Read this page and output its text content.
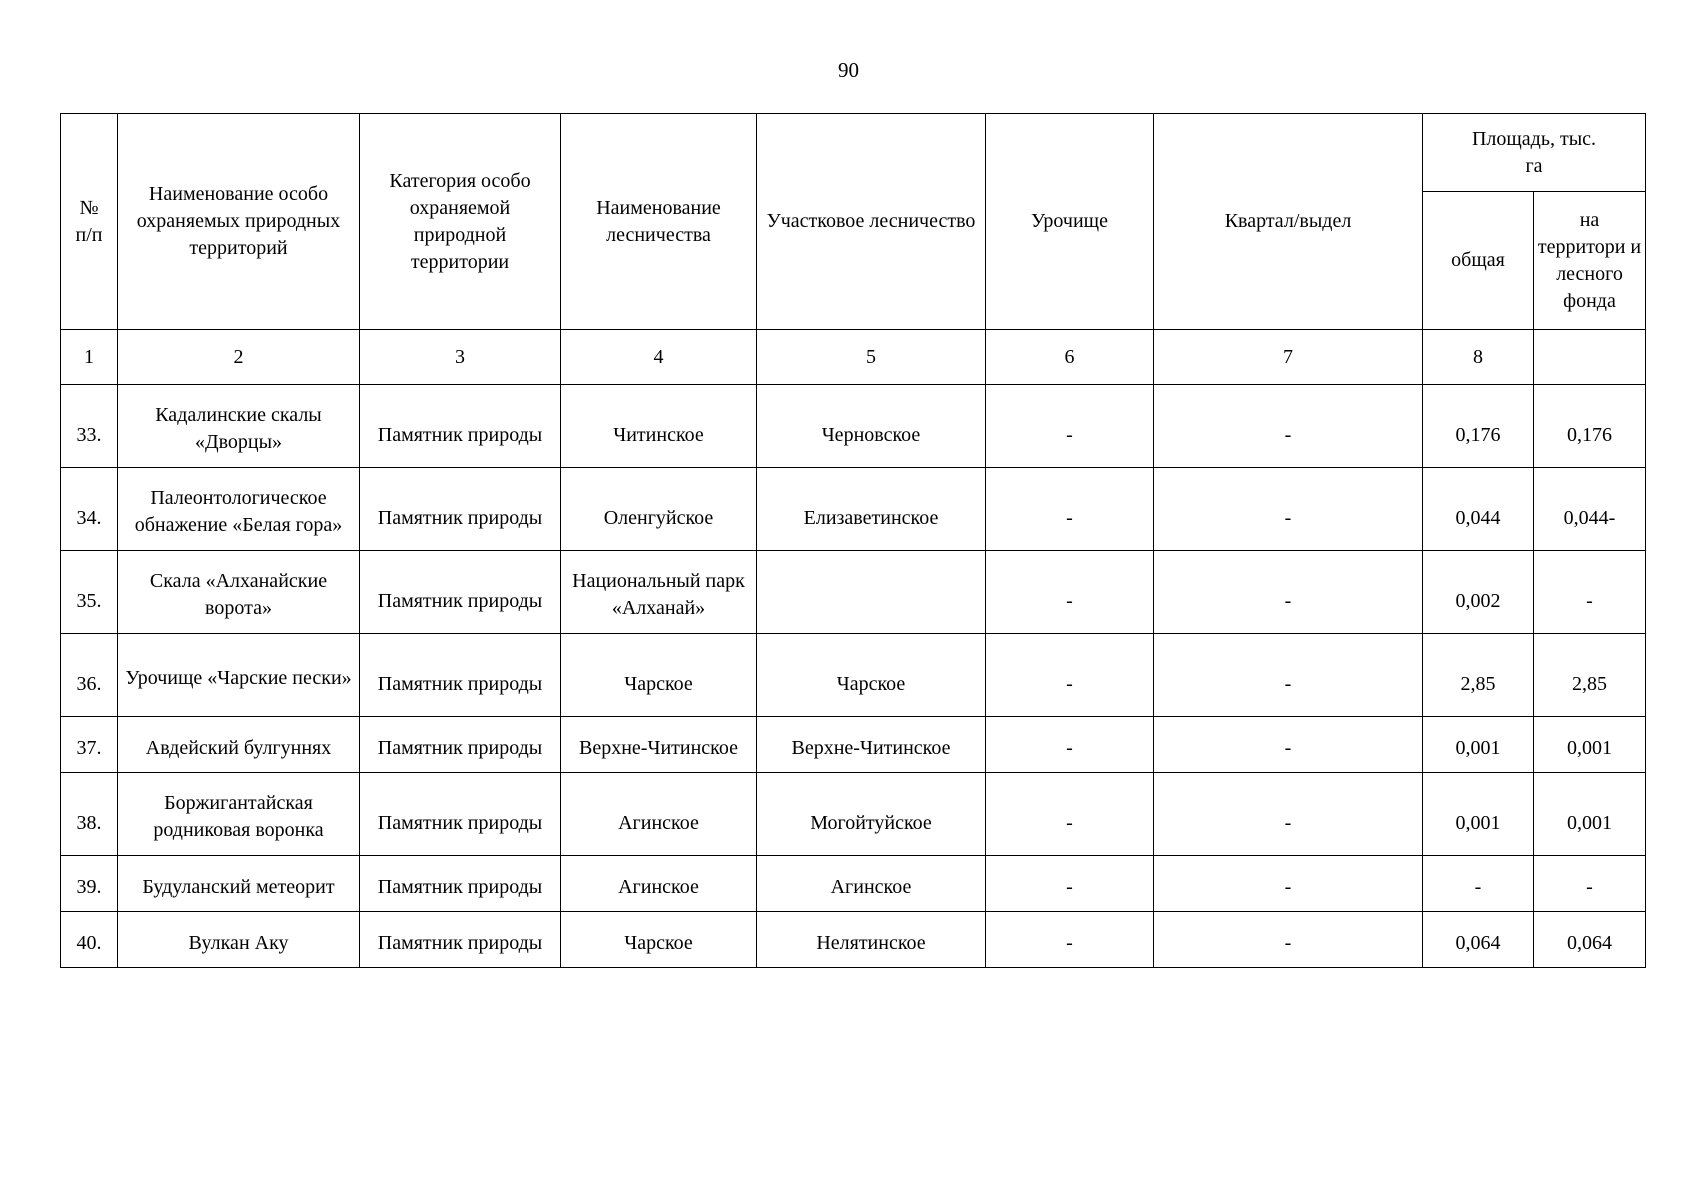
90
№
п/п	Наименование особо охраняемых природных территорий	Категория особо охраняемой природной территории	Наименование лесничества	Участковое лесничество	Урочище	Квартал/выдел	Площадь, тыс. га	
							общая	на территори и лесного фонда
1	2	3	4	5	6	7	8	
33.	Кадалинские скалы «Дворцы»	Памятник природы	Читинское	Черновское	-	-	0,176	0,176
34.	Палеонтологическое обнажение «Белая гора»	Памятник природы	Оленгуйское	Елизаветинское	-	-	0,044	0,044-
35.	Скала «Алханайские ворота»	Памятник природы	Национальный парк «Алханай»		-	-	0,002	-
36.	Урочище «Чарские пески»	Памятник природы	Чарское	Чарское	-	-	2,85	2,85
37.	Авдейский булгуннях	Памятник природы	Верхне-Читинское	Верхне-Читинское	-	-	0,001	0,001
38.	Боржигантайская родниковая воронка	Памятник природы	Агинское	Могойтуйское	-	-	0,001	0,001
39.	Будуланский метеорит	Памятник природы	Агинское	Агинское	-	-	-	-
40.	Вулкан Аку	Памятник природы	Чарское	Нелятинское	-	-	0,064	0,064
